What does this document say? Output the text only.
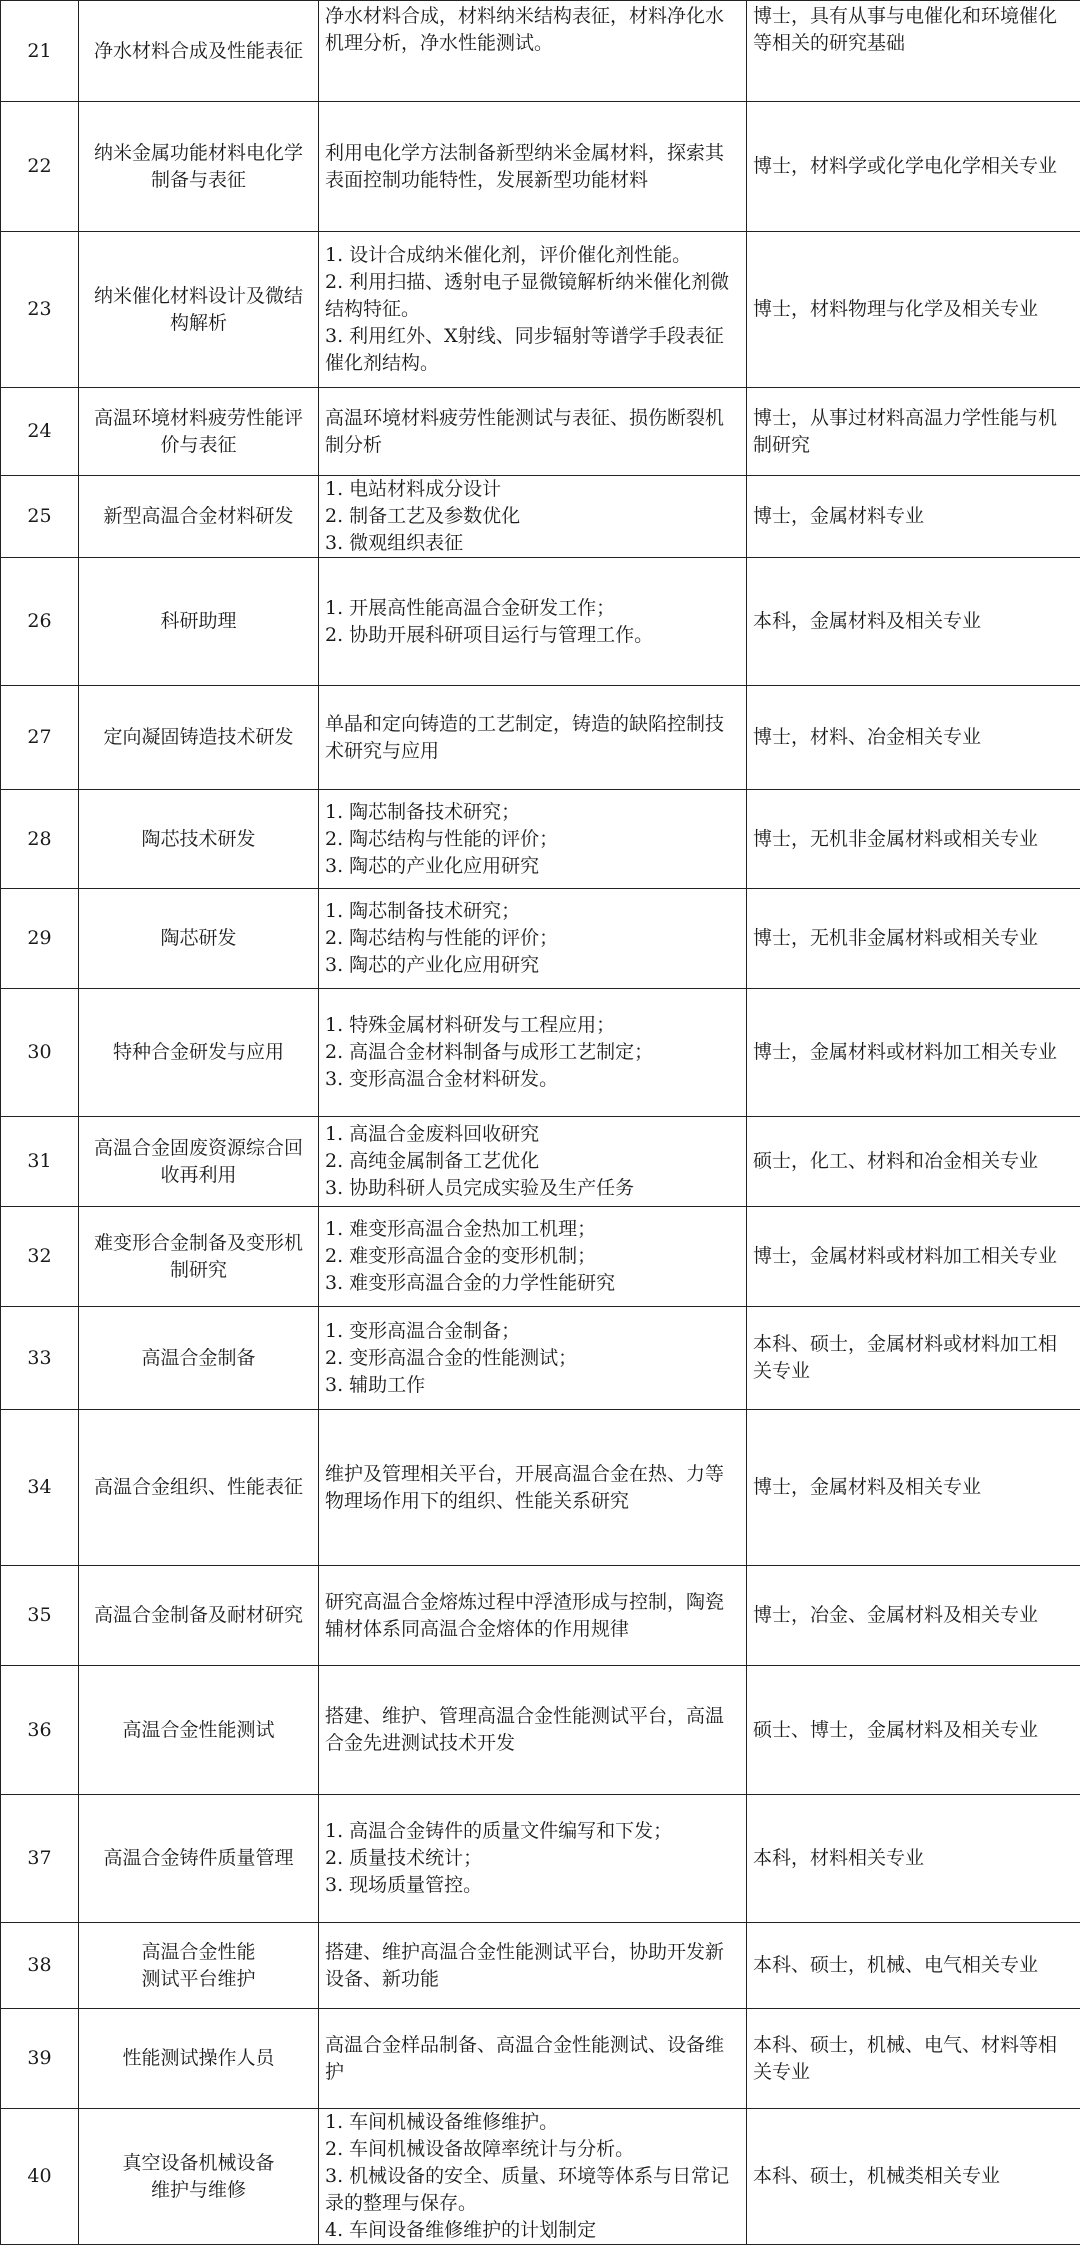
21	净水材料合成及性能表征	净水材料合成，材料纳米结构表征，材料净化水机理分析，净水性能测试。	博士，具有从事与电催化和环境催化等相关的研究基础
22	纳米金属功能材料电化学制备与表征	利用电化学方法制备新型纳米金属材料，探索其表面控制功能特性，发展新型功能材料	博士，材料学或化学电化学相关专业
23	纳米催化材料设计及微结构解析	1. 设计合成纳米催化剂，评价催化剂性能。
2. 利用扫描、透射电子显微镜解析纳米催化剂微结构特征。
3. 利用红外、X射线、同步辐射等谱学手段表征催化剂结构。	博士，材料物理与化学及相关专业
24	高温环境材料疲劳性能评价与表征	高温环境材料疲劳性能测试与表征、损伤断裂机制分析	博士，从事过材料高温力学性能与机制研究
25	新型高温合金材料研发	1. 电站材料成分设计
2. 制备工艺及参数优化
3. 微观组织表征	博士，金属材料专业
26	科研助理	1. 开展高性能高温合金研发工作；
2. 协助开展科研项目运行与管理工作。	本科，金属材料及相关专业
27	定向凝固铸造技术研发	单晶和定向铸造的工艺制定，铸造的缺陷控制技术研究与应用	博士，材料、冶金相关专业
28	陶芯技术研发	1. 陶芯制备技术研究；
2. 陶芯结构与性能的评价；
3. 陶芯的产业化应用研究	博士，无机非金属材料或相关专业
29	陶芯研发	1. 陶芯制备技术研究；
2. 陶芯结构与性能的评价；
3. 陶芯的产业化应用研究	博士，无机非金属材料或相关专业
30	特种合金研发与应用	1. 特殊金属材料研发与工程应用；
2. 高温合金材料制备与成形工艺制定；
3. 变形高温合金材料研发。	博士，金属材料或材料加工相关专业
31	高温合金固废资源综合回收再利用	1. 高温合金废料回收研究
2. 高纯金属制备工艺优化
3. 协助科研人员完成实验及生产任务	硕士，化工、材料和冶金相关专业
32	难变形合金制备及变形机制研究	1. 难变形高温合金热加工机理；
2. 难变形高温合金的变形机制；
3. 难变形高温合金的力学性能研究	博士，金属材料或材料加工相关专业
33	高温合金制备	1. 变形高温合金制备；
2. 变形高温合金的性能测试；
3. 辅助工作	本科、硕士，金属材料或材料加工相关专业
34	高温合金组织、性能表征	维护及管理相关平台，开展高温合金在热、力等物理场作用下的组织、性能关系研究	博士，金属材料及相关专业
35	高温合金制备及耐材研究	研究高温合金熔炼过程中浮渣形成与控制，陶瓷辅材体系同高温合金熔体的作用规律	博士，冶金、金属材料及相关专业
36	高温合金性能测试	搭建、维护、管理高温合金性能测试平台，高温合金先进测试技术开发	硕士、博士，金属材料及相关专业
37	高温合金铸件质量管理	1. 高温合金铸件的质量文件编写和下发；
2. 质量技术统计；
3. 现场质量管控。	本科，材料相关专业
38	高温合金性能
测试平台维护	搭建、维护高温合金性能测试平台，协助开发新设备、新功能	本科、硕士，机械、电气相关专业
39	性能测试操作人员	高温合金样品制备、高温合金性能测试、设备维护	本科、硕士，机械、电气、材料等相关专业
40	真空设备机械设备
维护与维修	1. 车间机械设备维修维护。
2. 车间机械设备故障率统计与分析。
3. 机械设备的安全、质量、环境等体系与日常记录的整理与保存。
4. 车间设备维修维护的计划制定	本科、硕士，机械类相关专业
